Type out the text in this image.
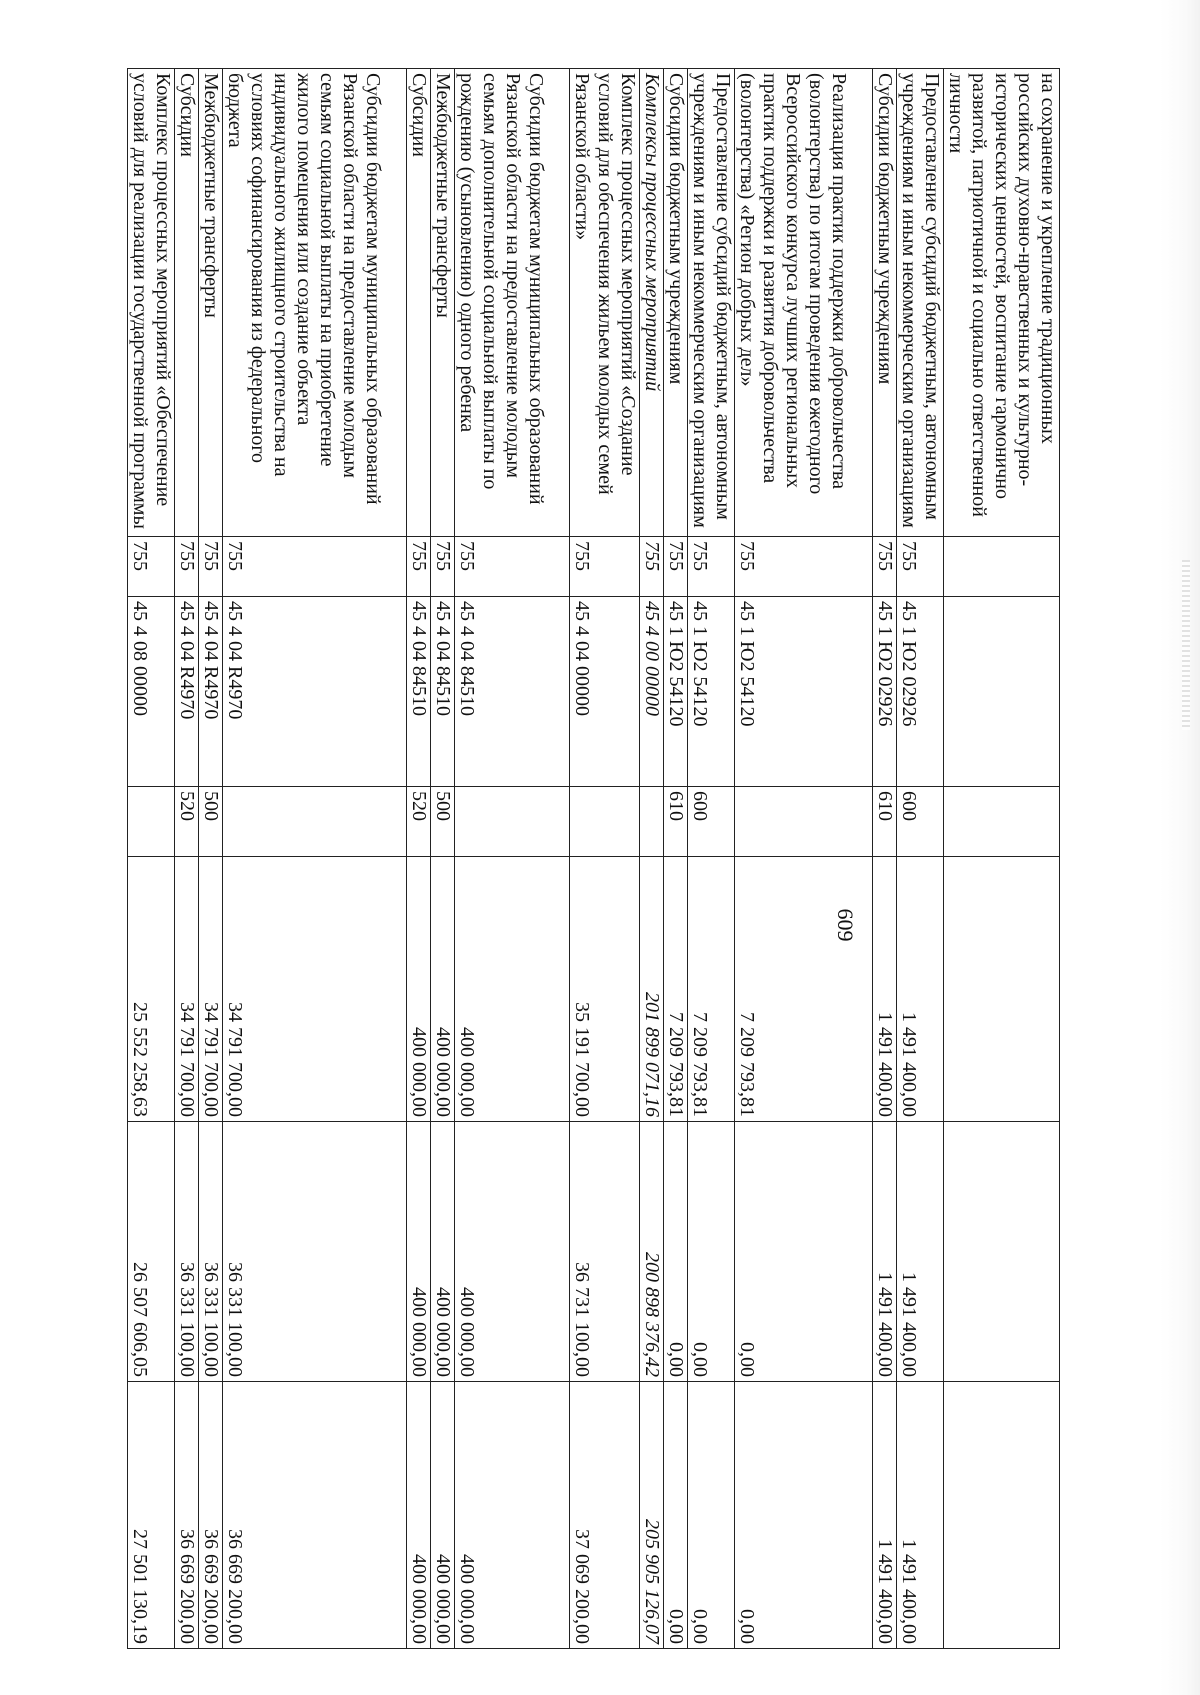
609
на сохранение и укрепление традиционных российских духовно-нравственных и культурно-исторических ценностей, воспитание гармонично развитой, патриотичной и социально ответственной личности						
Предоставление субсидий бюджетным, автономным учреждениям и иным некоммерческим организациям	755	45 1 Ю2 02926	600	1 491 400,00	1 491 400,00	1 491 400,00
Субсидии бюджетным учреждениям	755	45 1 Ю2 02926	610	1 491 400,00	1 491 400,00	1 491 400,00
Реализация практик поддержки добровольчества (волонтерства) по итогам проведения ежегодного Всероссийского конкурса лучших региональных практик поддержки и развития добровольчества (волонтерства) «Регион добрых дел»	755	45 1 Ю2 54120		7 209 793,81	0,00	0,00
Предоставление субсидий бюджетным, автономным учреждениям и иным некоммерческим организациям	755	45 1 Ю2 54120	600	7 209 793,81	0,00	0,00
Субсидии бюджетным учреждениям	755	45 1 Ю2 54120	610	7 209 793,81	0,00	0,00
Комплексы процессных мероприятий	755	45 4 00 00000		201 899 071,16	200 898 376,42	205 905 126,07
Комплекс процессных мероприятий «Создание условий для обеспечения жильем молодых семей Рязанской области»	755	45 4 04 00000		35 191 700,00	36 731 100,00	37 069 200,00
Субсидии бюджетам муниципальных образований Рязанской области на предоставление молодым семьям дополнительной социальной выплаты по рождению (усыновлению) одного ребенка	755	45 4 04 84510		400 000,00	400 000,00	400 000,00
Межбюджетные трансферты	755	45 4 04 84510	500	400 000,00	400 000,00	400 000,00
Субсидии	755	45 4 04 84510	520	400 000,00	400 000,00	400 000,00
Субсидии бюджетам муниципальных образований Рязанской области на предоставление молодым семьям социальной выплаты на приобретение жилого помещения или создание объекта индивидуального жилищного строительства на условиях софинансирования из федерального бюджета	755	45 4 04 R4970		34 791 700,00	36 331 100,00	36 669 200,00
Межбюджетные трансферты	755	45 4 04 R4970	500	34 791 700,00	36 331 100,00	36 669 200,00
Субсидии	755	45 4 04 R4970	520	34 791 700,00	36 331 100,00	36 669 200,00
Комплекс процессных мероприятий «Обеспечение условий для реализации государственной программы	755	45 4 08 00000		25 552 258,63	26 507 606,05	27 501 130,19
